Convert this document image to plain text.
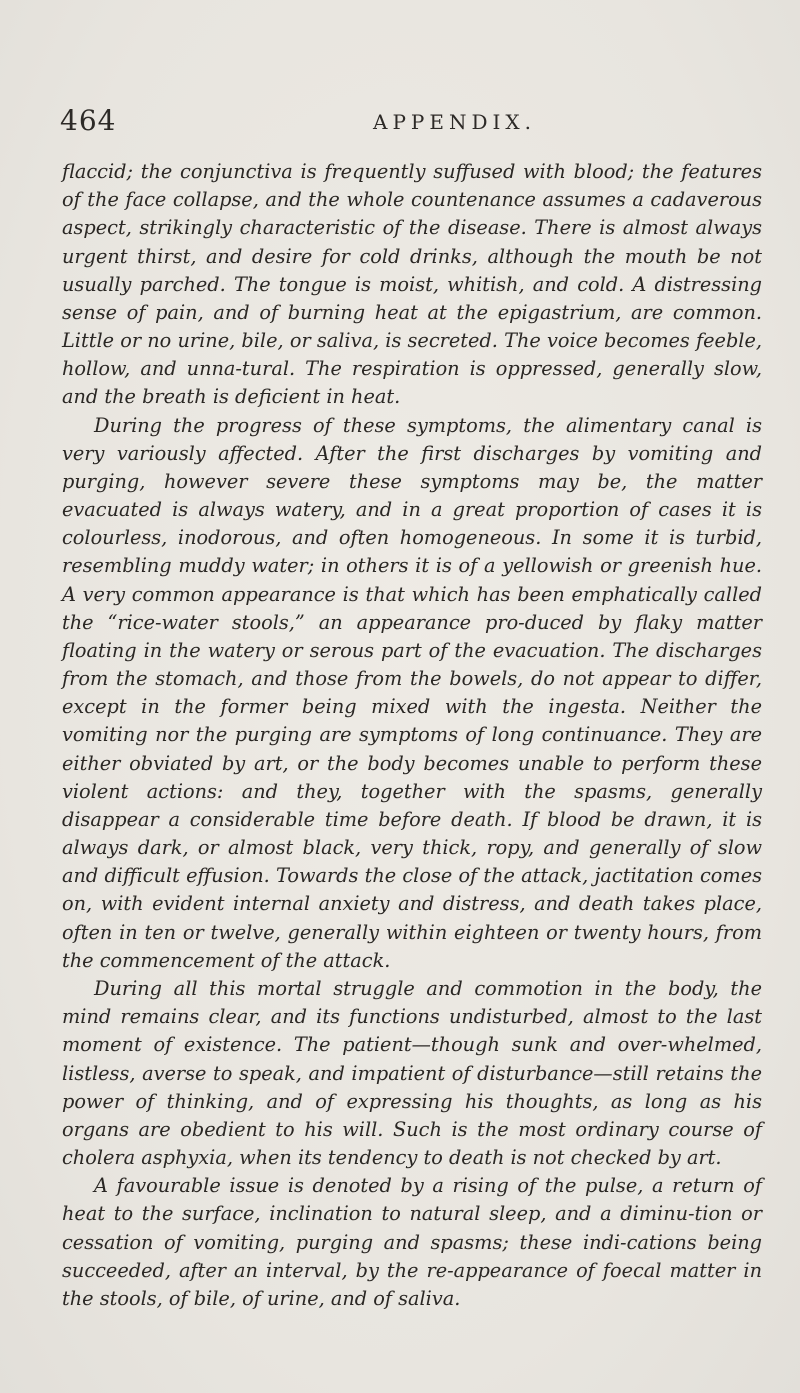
464	APPENDIX.

flaccid; the conjunctiva is frequently suffused with blood; the features of the face collapse, and the whole countenance assumes a cadaverous aspect, strikingly characteristic of the disease. There is almost always urgent thirst, and desire for cold drinks, although the mouth be not usually parched. The tongue is moist, whitish, and cold. A distressing sense of pain, and of burning heat at the epigastrium, are common. Little or no urine, bile, or saliva, is secreted. The voice becomes feeble, hollow, and unna-tural. The respiration is oppressed, generally slow, and the breath is deficient in heat.

During the progress of these symptoms, the alimentary canal is very variously affected. After the first discharges by vomiting and purging, however severe these symptoms may be, the matter evacuated is always watery, and in a great proportion of cases it is colourless, inodorous, and often homogeneous. In some it is turbid, resembling muddy water; in others it is of a yellowish or greenish hue. A very common appearance is that which has been emphatically called the “rice-water stools,” an appearance pro-duced by flaky matter floating in the watery or serous part of the evacuation. The discharges from the stomach, and those from the bowels, do not appear to differ, except in the former being mixed with the ingesta. Neither the vomiting nor the purging are symptoms of long continuance. They are either obviated by art, or the body becomes unable to perform these violent actions: and they, together with the spasms, generally disappear a considerable time before death. If blood be drawn, it is always dark, or almost black, very thick, ropy, and generally of slow and difficult effusion. Towards the close of the attack, jactitation comes on, with evident internal anxiety and distress, and death takes place, often in ten or twelve, generally within eighteen or twenty hours, from the commencement of the attack.

During all this mortal struggle and commotion in the body, the mind remains clear, and its functions undisturbed, almost to the last moment of existence. The patient—though sunk and over-whelmed, listless, averse to speak, and impatient of disturbance—still retains the power of thinking, and of expressing his thoughts, as long as his organs are obedient to his will. Such is the most ordinary course of cholera asphyxia, when its tendency to death is not checked by art.

A favourable issue is denoted by a rising of the pulse, a return of heat to the surface, inclination to natural sleep, and a diminu-tion or cessation of vomiting, purging and spasms; these indi-cations being succeeded, after an interval, by the re-appearance of foecal matter in the stools, of bile, of urine, and of saliva.
